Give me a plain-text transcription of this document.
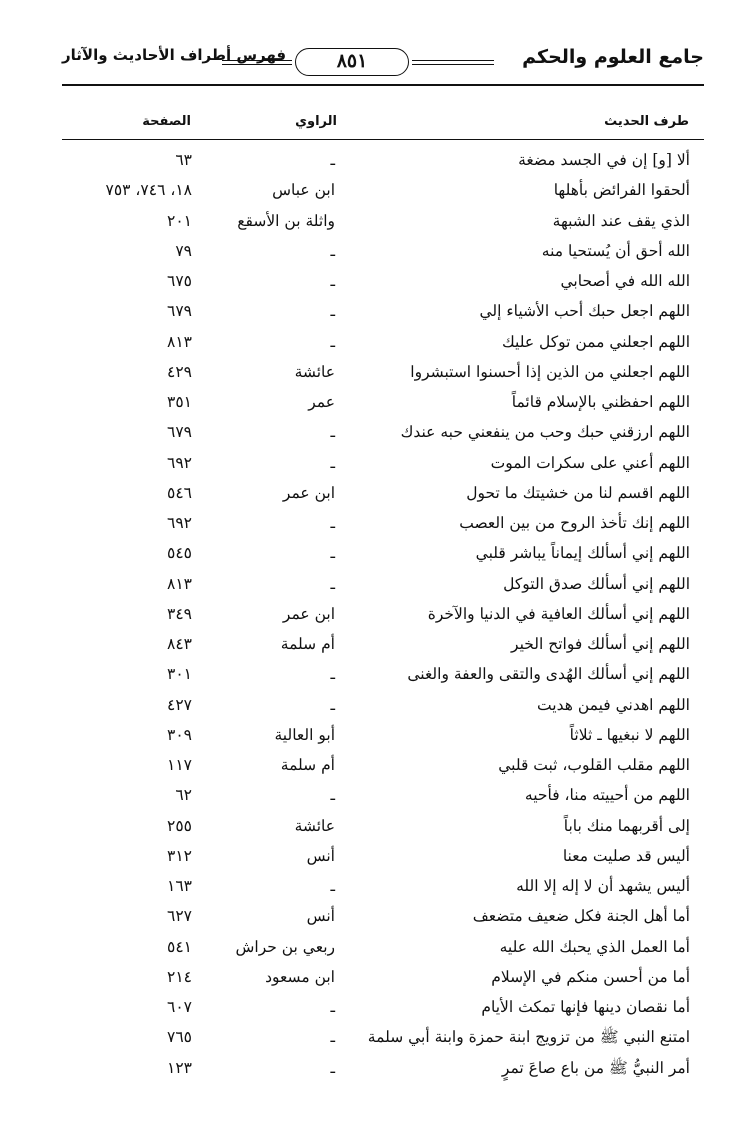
جامع العلوم والحكم
٨٥١
فهرس أطراف الأحاديث والآثار
طرف الحديث
الراوي
الصفحة
ألا [و] إن في الجسد مضغة
ـ
٦٣
ألحقوا الفرائض بأهلها
ابن عباس
١٨، ٧٤٦، ٧٥٣
الذي يقف عند الشبهة
واثلة بن الأسقع
٢٠١
الله أحق أن يُستحيا منه
ـ
٧٩
الله الله في أصحابي
ـ
٦٧٥
اللهم اجعل حبك أحب الأشياء إلي
ـ
٦٧٩
اللهم اجعلني ممن توكل عليك
ـ
٨١٣
اللهم اجعلني من الذين إذا أحسنوا استبشروا
عائشة
٤٢٩
اللهم احفظني بالإسلام قائماً
عمر
٣٥١
اللهم ارزقني حبك وحب من ينفعني حبه عندك
ـ
٦٧٩
اللهم أعني على سكرات الموت
ـ
٦٩٢
اللهم اقسم لنا من خشيتك ما تحول
ابن عمر
٥٤٦
اللهم إنك تأخذ الروح من بين العصب
ـ
٦٩٢
اللهم إني أسألك إيماناً يباشر قلبي
ـ
٥٤٥
اللهم إني أسألك صدق التوكل
ـ
٨١٣
اللهم إني أسألك العافية في الدنيا والآخرة
ابن عمر
٣٤٩
اللهم إني أسألك فواتح الخير
أم سلمة
٨٤٣
اللهم إني أسألك الهُدى والتقى والعفة والغنى
ـ
٣٠١
اللهم اهدني فيمن هديت
ـ
٤٢٧
اللهم لا نبغيها ـ ثلاثاً
أبو العالية
٣٠٩
اللهم مقلب القلوب، ثبت قلبي
أم سلمة
١١٧
اللهم من أحييته منا، فأحيه
ـ
٦٢
إلى أقربهما منك باباً
عائشة
٢٥٥
أليس قد صليت معنا
أنس
٣١٢
أليس يشهد أن لا إله إلا الله
ـ
١٦٣
أما أهل الجنة فكل ضعيف متضعف
أنس
٦٢٧
أما العمل الذي يحبك الله عليه
ربعي بن حراش
٥٤١
أما من أحسن منكم في الإسلام
ابن مسعود
٢١٤
أما نقصان دينها فإنها تمكث الأيام
ـ
٦٠٧
امتنع النبي ﷺ من تزويج ابنة حمزة وابنة أبي سلمة
ـ
٧٦٥
أمر النبيُّ ﷺ من باع صاعَ تمرٍ
ـ
١٢٣
